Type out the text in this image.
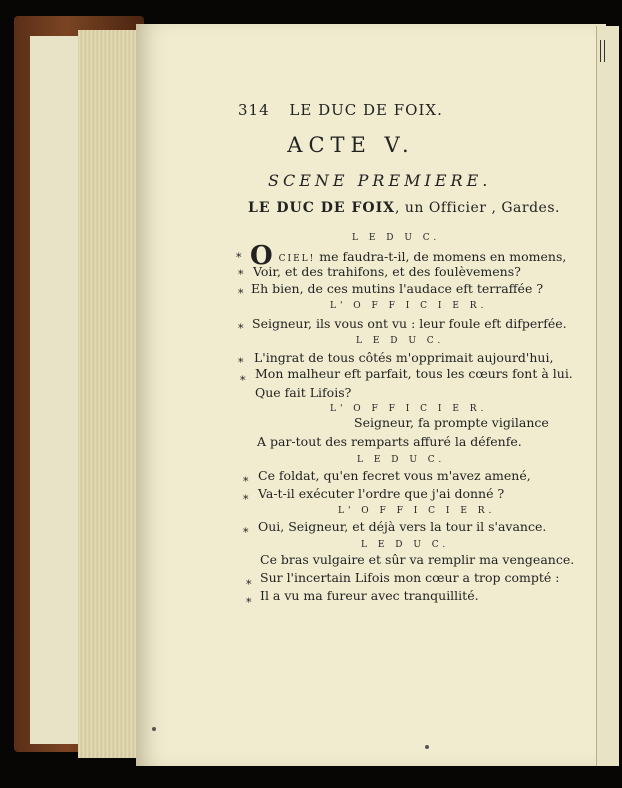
314 LE DUC DE FOIX.
ACTE V.
SCENE PREMIERE.
LE DUC DE FOIX, un Officier , Gardes.
L E D U C.
* O CIEL! me faudra-t-il, de momens en momens,
* Voir, et des trahifons, et des foulèvemens?
* Eh bien, de ces mutins l'audace eft terraffée ?
L' O F F I C I E R.
* Seigneur, ils vous ont vu : leur foule eft difperfée.
L E D U C.
* L'ingrat de tous côtés m'opprimait aujourd'hui,
* Mon malheur eft parfait, tous les cœurs font à lui.
Que fait Lifois?
L' O F F I C I E R.
Seigneur, fa prompte vigilance
A par-tout des remparts affuré la défenfe.
L E D U C.
* Ce foldat, qu'en fecret vous m'avez amené,
* Va-t-il exécuter l'ordre que j'ai donné ?
L' O F F I C I E R.
* Oui, Seigneur, et déjà vers la tour il s'avance.
L E D U C.
Ce bras vulgaire et sûr va remplir ma vengeance.
* Sur l'incertain Lifois mon cœur a trop compté :
* Il a vu ma fureur avec tranquillité.
